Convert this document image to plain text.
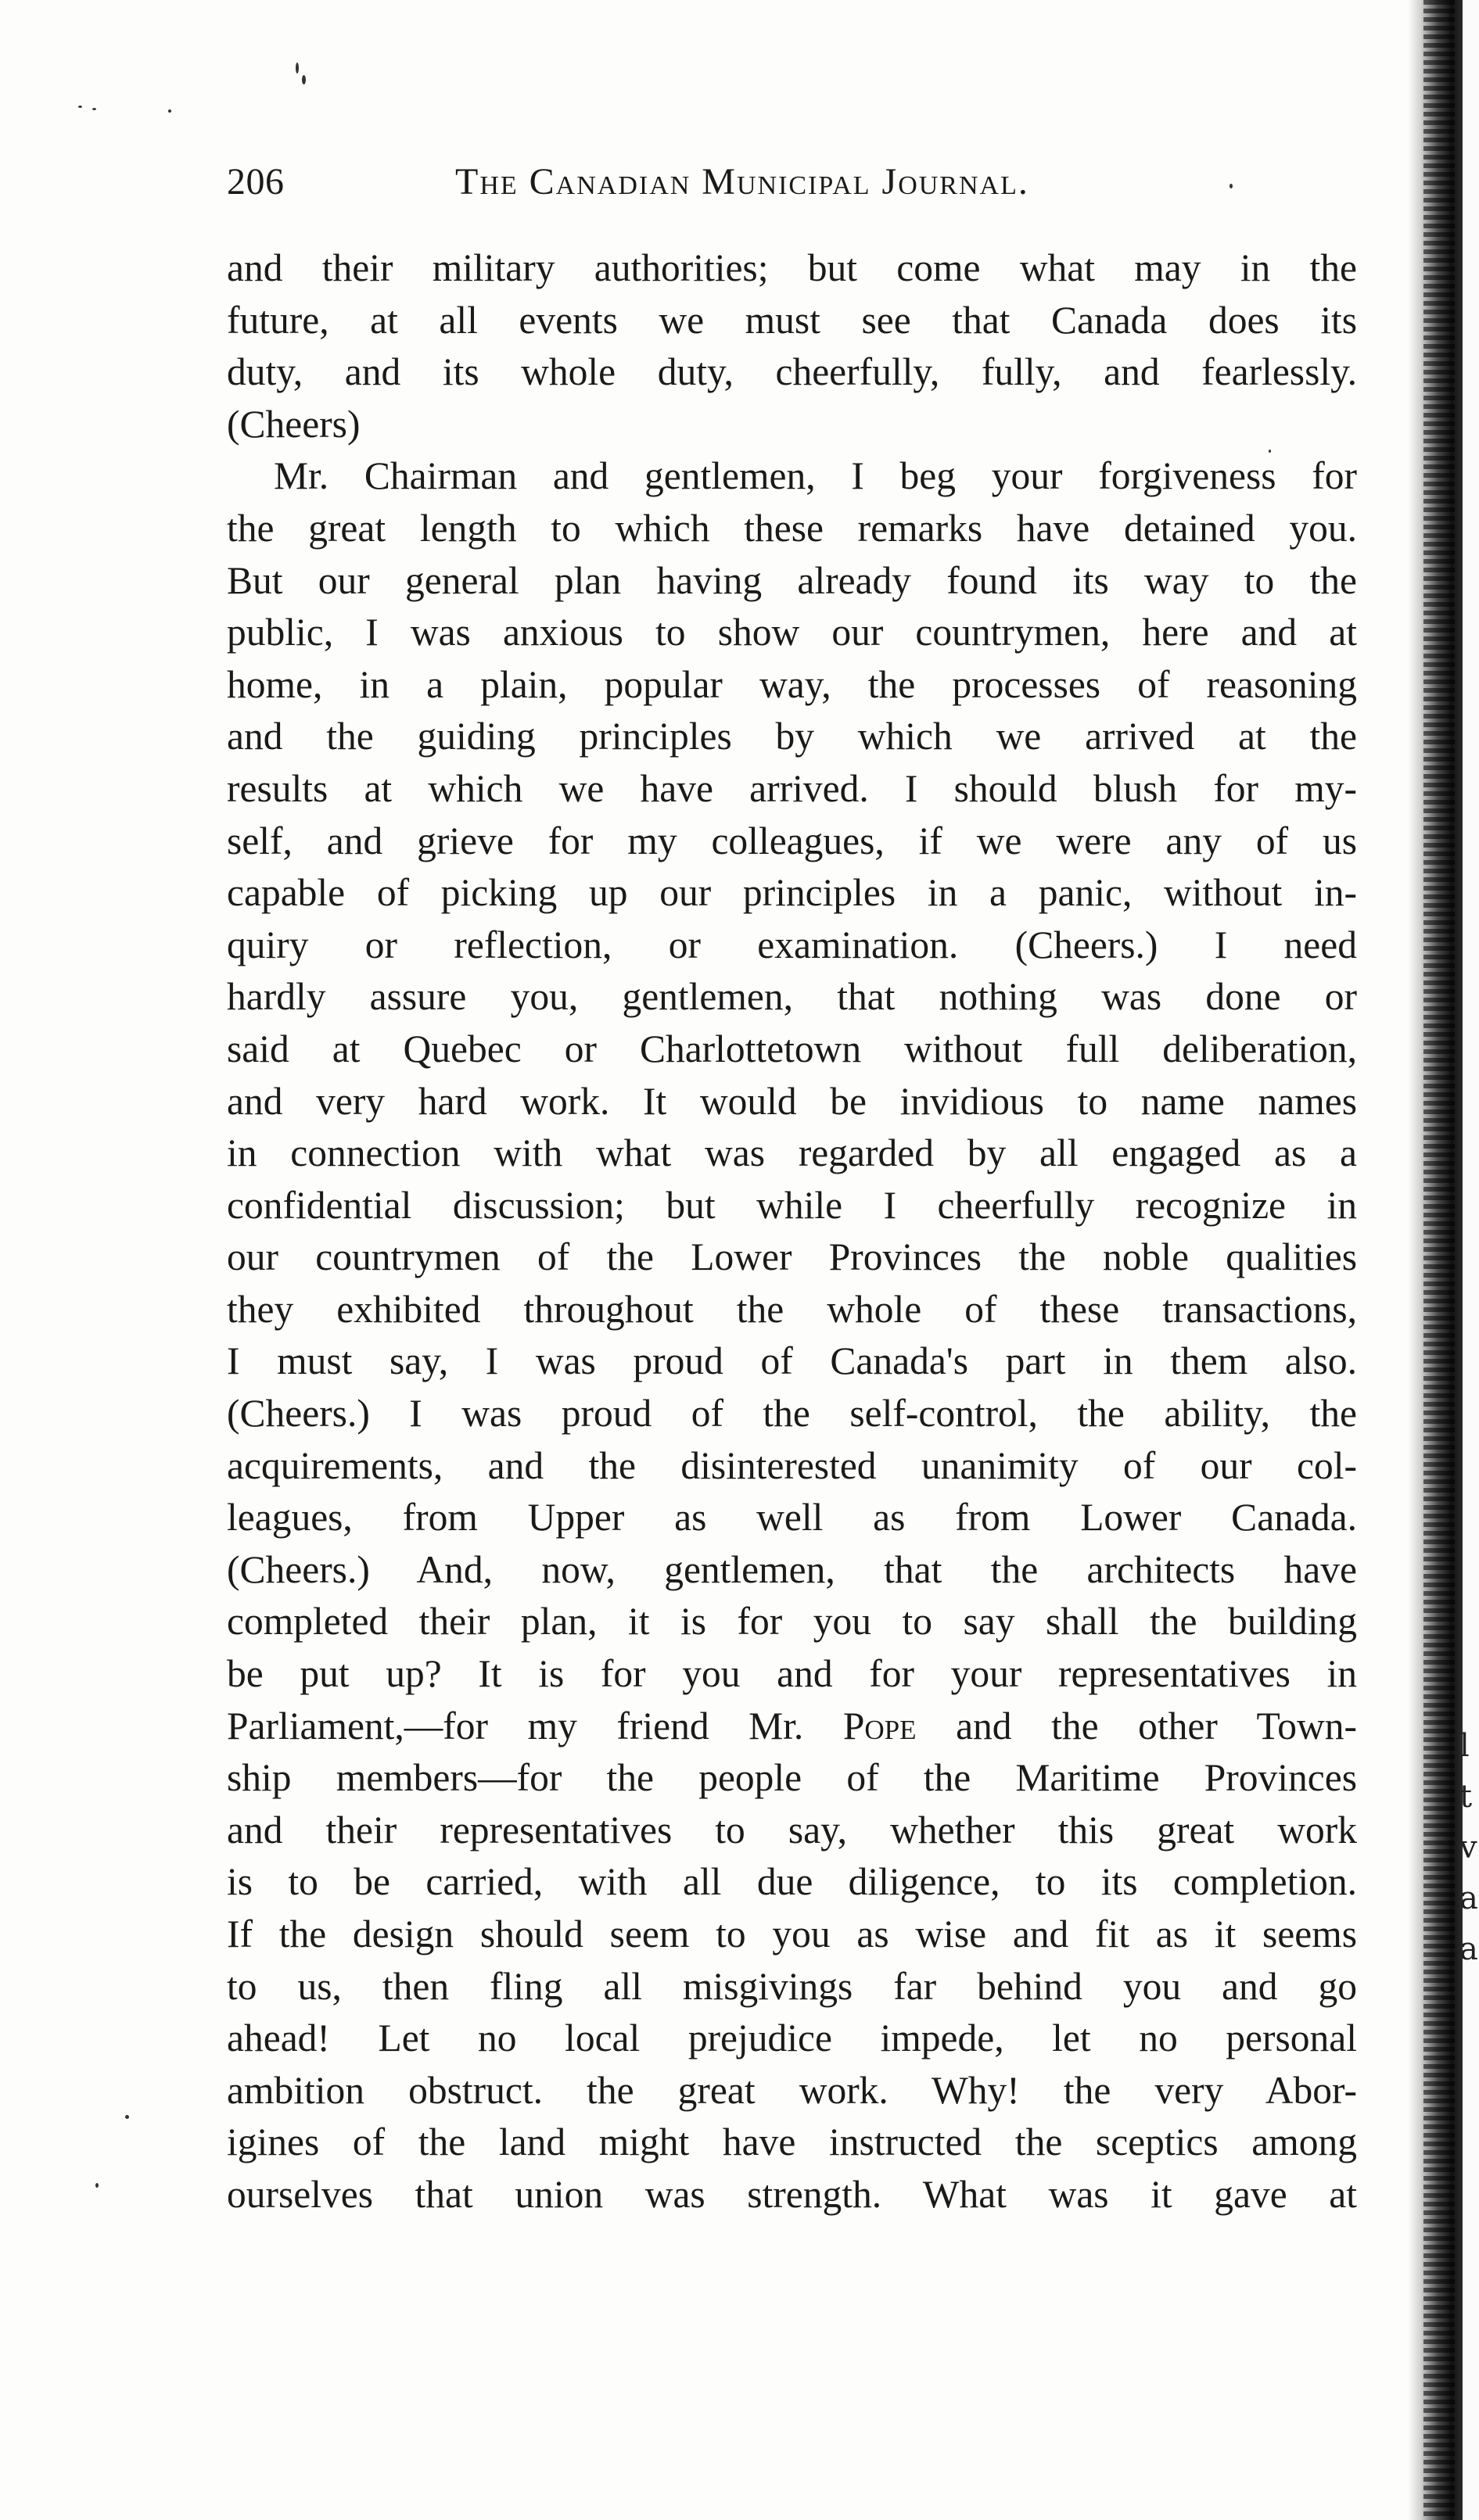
206	The Canadian Municipal Journal.
and their military authorities; but come what may in the
future, at all events we must see that Canada does its
duty, and its whole duty, cheerfully, fully, and fearlessly.
(Cheers)
Mr. Chairman and gentlemen, I beg your forgiveness for
the great length to which these remarks have detained you.
But our general plan having already found its way to the
public, I was anxious to show our countrymen, here and at
home, in a plain, popular way, the processes of reasoning
and the guiding principles by which we arrived at the
results at which we have arrived. I should blush for my-
self, and grieve for my colleagues, if we were any of us
capable of picking up our principles in a panic, without in-
quiry or reflection, or examination. (Cheers.) I need
hardly assure you, gentlemen, that nothing was done or
said at Quebec or Charlottetown without full deliberation,
and very hard work. It would be invidious to name names
in connection with what was regarded by all engaged as a
confidential discussion; but while I cheerfully recognize in
our countrymen of the Lower Provinces the noble qualities
they exhibited throughout the whole of these transactions,
I must say, I was proud of Canada's part in them also.
(Cheers.) I was proud of the self-control, the ability, the
acquirements, and the disinterested unanimity of our col-
leagues, from Upper as well as from Lower Canada.
(Cheers.) And, now, gentlemen, that the architects have
completed their plan, it is for you to say shall the building
be put up? It is for you and for your representatives in
Parliament,—for my friend Mr. Pope and the other Town-
ship members—for the people of the Maritime Provinces
and their representatives to say, whether this great work
is to be carried, with all due diligence, to its completion.
If the design should seem to you as wise and fit as it seems
to us, then fling all misgivings far behind you and go
ahead! Let no local prejudice impede, let no personal
ambition obstruct. the great work. Why! the very Abor-
igines of the land might have instructed the sceptics among
ourselves that union was strength. What was it gave at
l
t
v
a
a
